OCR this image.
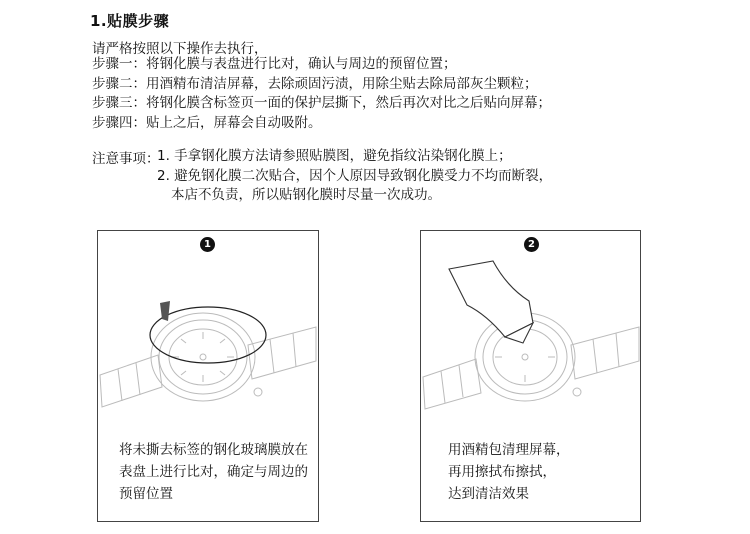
1.贴膜步骤
请严格按照以下操作去执行，
步骤一：将钢化膜与表盘进行比对，确认与周边的预留位置；
步骤二：用酒精布清洁屏幕，去除顽固污渍，用除尘贴去除局部灰尘颗粒；
步骤三：将钢化膜含标签页一面的保护层撕下，然后再次对比之后贴向屏幕；
步骤四：贴上之后，屏幕会自动吸附。
注意事项：
1. 手拿钢化膜方法请参照贴膜图，避免指纹沾染钢化膜上；
2. 避免钢化膜二次贴合，因个人原因导致钢化膜受力不均而断裂，
本店不负责，所以贴钢化膜时尽量一次成功。
1
将未撕去标签的钢化玻璃膜放在
表盘上进行比对，确定与周边的
预留位置
2
用酒精包清理屏幕，
再用擦拭布擦拭，
达到清洁效果
